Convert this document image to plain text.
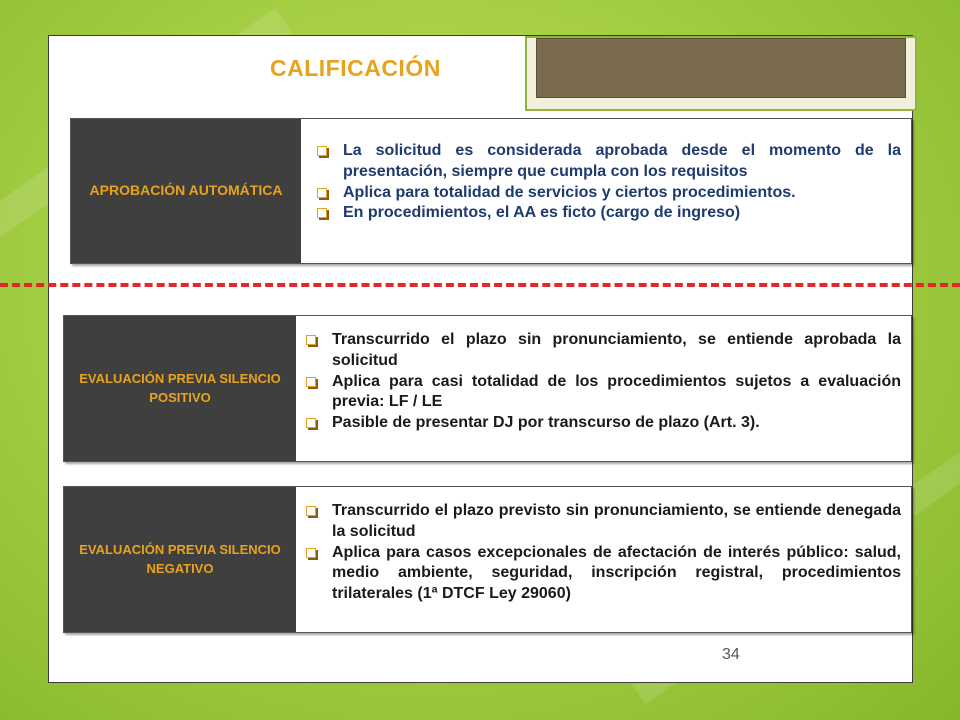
CALIFICACIÓN
APROBACIÓN AUTOMÁTICA
La solicitud es considerada aprobada desde el momento de la presentación, siempre que cumpla con los requisitos
Aplica para totalidad de servicios y ciertos procedimientos.
En procedimientos, el AA es ficto (cargo de ingreso)
EVALUACIÓN PREVIA SILENCIO POSITIVO
Transcurrido el plazo sin pronunciamiento, se entiende aprobada la solicitud
Aplica para casi totalidad de los procedimientos sujetos a evaluación previa: LF / LE
Pasible de presentar DJ por transcurso de plazo (Art. 3).
EVALUACIÓN PREVIA SILENCIO NEGATIVO
Transcurrido el plazo previsto sin pronunciamiento, se entiende denegada la solicitud
Aplica para casos excepcionales de afectación de interés público: salud, medio ambiente, seguridad, inscripción registral, procedimientos trilaterales (1ª DTCF Ley 29060)
34
